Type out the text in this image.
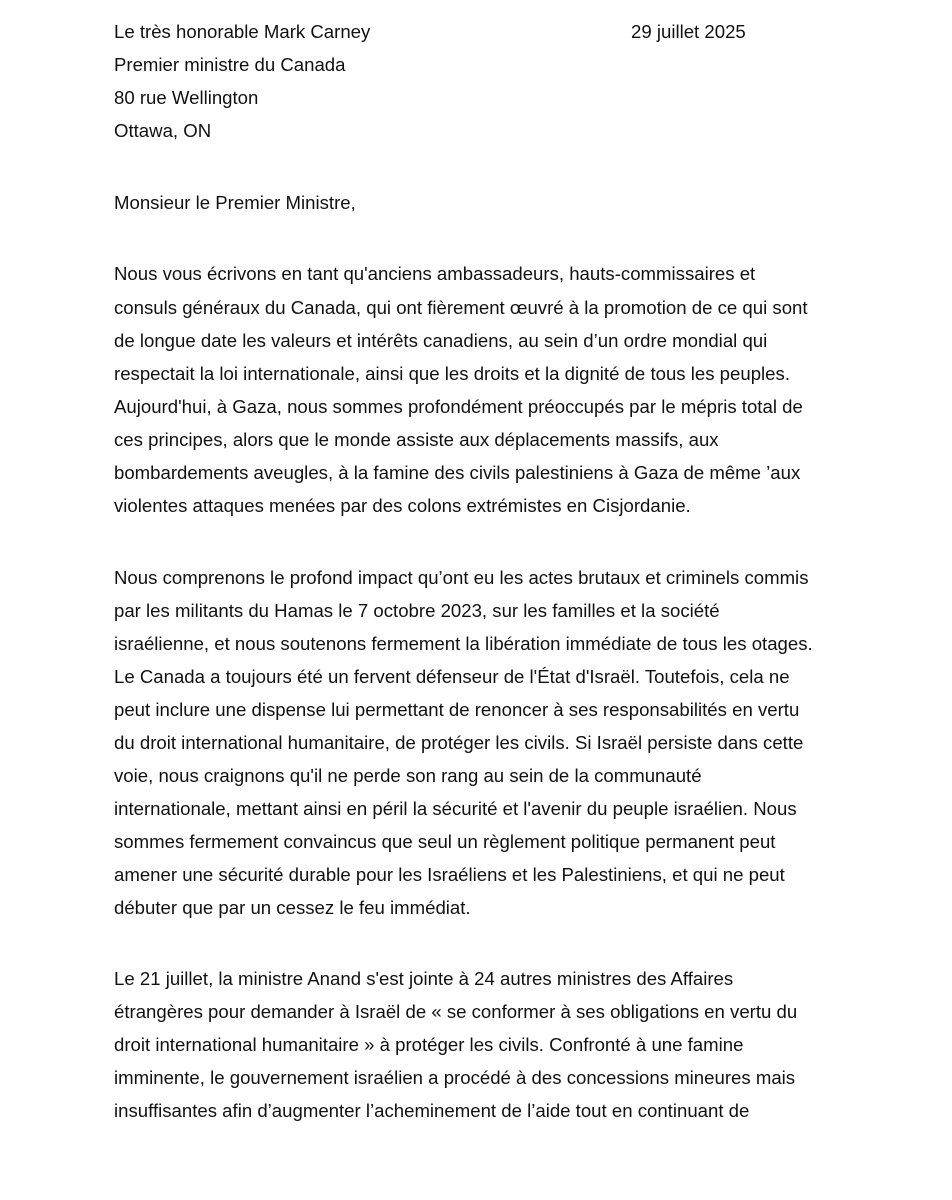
Le très honorable Mark Carney	29 juillet 2025
Premier ministre du Canada
80 rue Wellington
Ottawa, ON
Monsieur le Premier Ministre,
Nous vous écrivons en tant qu'anciens ambassadeurs, hauts-commissaires et
consuls généraux du Canada, qui ont fièrement œuvré à la promotion de ce qui sont
de longue date les valeurs et intérêts canadiens, au sein d’un ordre mondial qui
respectait la loi internationale, ainsi que les droits et la dignité de tous les peuples.
Aujourd'hui, à Gaza, nous sommes profondément préoccupés par le mépris total de
ces principes, alors que le monde assiste aux déplacements massifs, aux
bombardements aveugles, à la famine des civils palestiniens à Gaza de même ’aux
violentes attaques menées par des colons extrémistes en Cisjordanie.
Nous comprenons le profond impact qu’ont eu les actes brutaux et criminels commis
par les militants du Hamas le 7 octobre 2023, sur les familles et la société
israélienne, et nous soutenons fermement la libération immédiate de tous les otages.
Le Canada a toujours été un fervent défenseur de l'État d'Israël. Toutefois, cela ne
peut inclure une dispense lui permettant de renoncer à ses responsabilités en vertu
du droit international humanitaire, de protéger les civils. Si Israël persiste dans cette
voie, nous craignons qu'il ne perde son rang au sein de la communauté
internationale, mettant ainsi en péril la sécurité et l'avenir du peuple israélien. Nous
sommes fermement convaincus que seul un règlement politique permanent peut
amener une sécurité durable pour les Israéliens et les Palestiniens, et qui ne peut
débuter que par un cessez le feu immédiat.
Le 21 juillet, la ministre Anand s'est jointe à 24 autres ministres des Affaires
étrangères pour demander à Israël de « se conformer à ses obligations en vertu du
droit international humanitaire » à protéger les civils. Confronté à une famine
imminente, le gouvernement israélien a procédé à des concessions mineures mais
insuffisantes afin d’augmenter l’acheminement de l’aide tout en continuant de
